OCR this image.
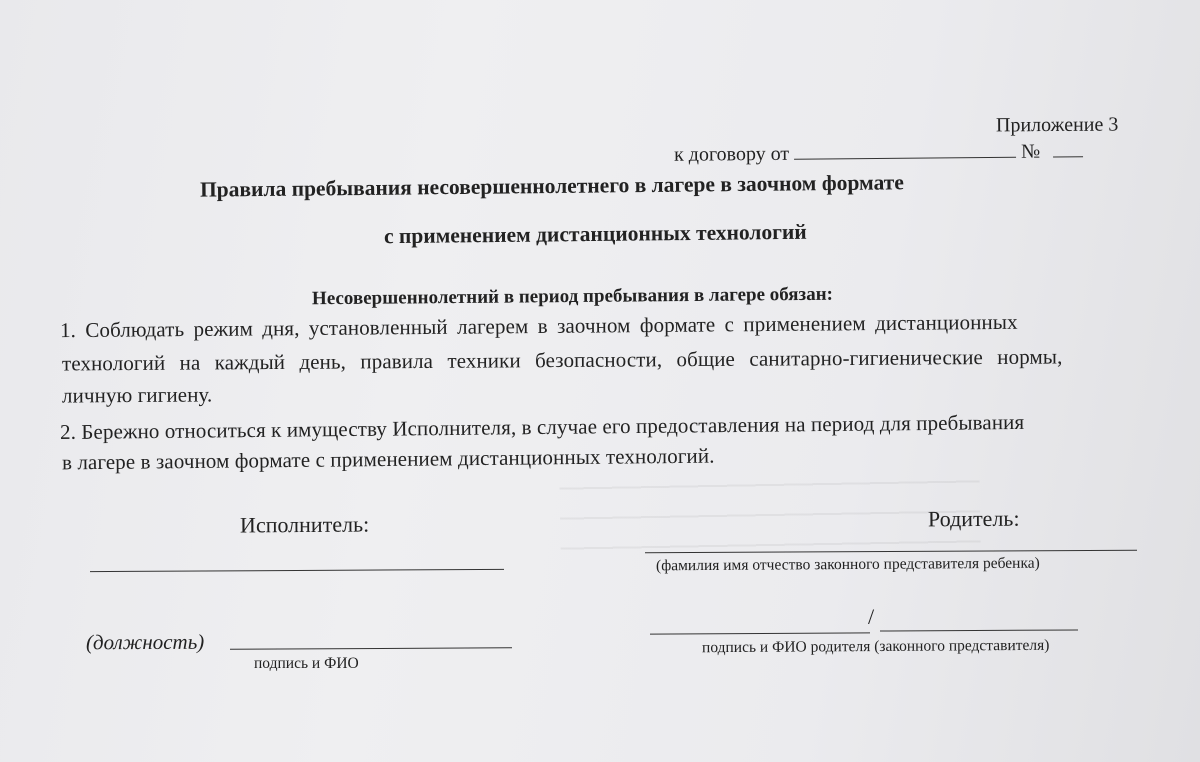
Приложение 3
к договору от	№
Правила пребывания несовершеннолетнего в лагере в заочном формате
с применением дистанционных технологий
Несовершеннолетний в период пребывания в лагере обязан:
1. Соблюдать режим дня, установленный лагерем в заочном формате с применением дистанционных
технологий на каждый день, правила техники безопасности, общие санитарно-гигиенические нормы,
личную гигиену.
2. Бережно относиться к имуществу Исполнителя, в случае его предоставления на период для пребывания
в лагере в заочном формате с применением дистанционных технологий.
Исполнитель:	Родитель:
(фамилия имя отчество законного представителя ребенка)
(должность)
подпись и ФИО
/
подпись и ФИО родителя (законного представителя)
